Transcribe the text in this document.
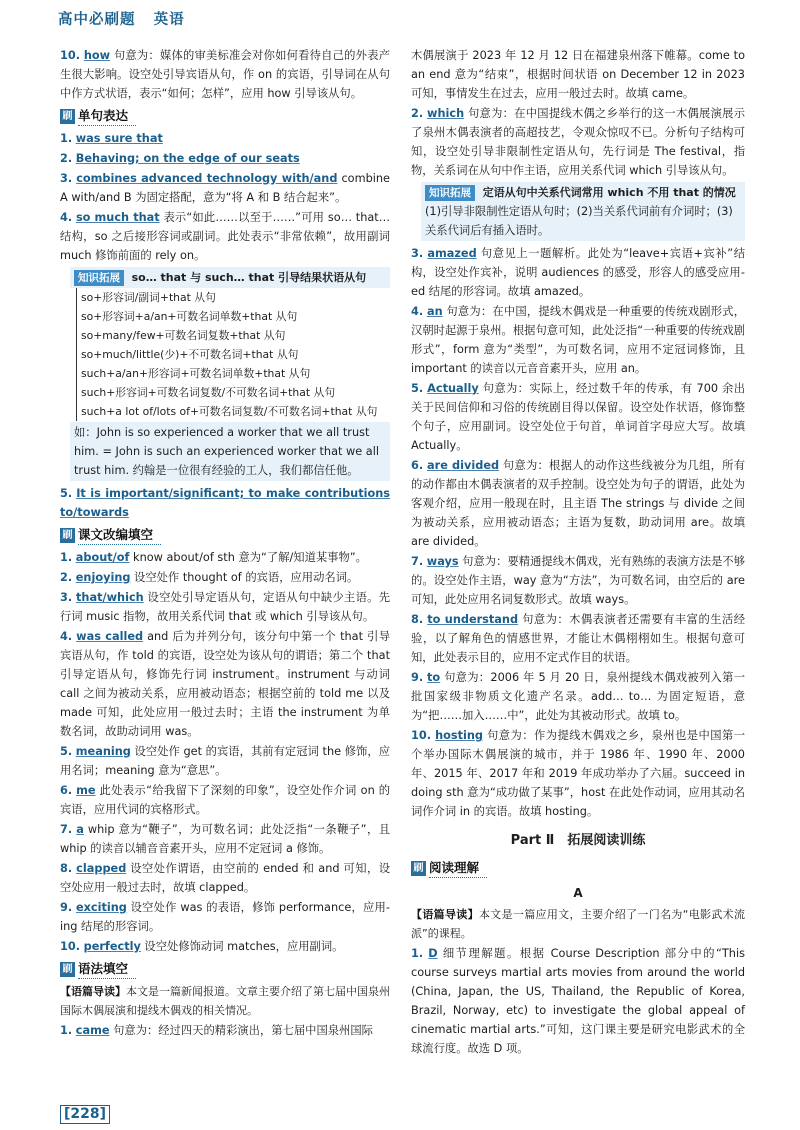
高中必刷题 英语
10. how 句意为：媒体的审美标准会对你如何看待自己的外表产生很大影响。设空处引导宾语从句，作 on 的宾语，引导词在从句中作方式状语，表示“如何；怎样”，应用 how 引导该从句。
刷 单句表达
1. was sure that
2. Behaving; on the edge of our seats
3. combines advanced technology with/and combine A with/and B 为固定搭配，意为“将 A 和 B 结合起来”。
4. so much that 表示“如此……以至于……”可用 so… that…结构，so 之后接形容词或副词。此处表示“非常依赖”，故用副词 much 修饰前面的 rely on。
知识拓展 so… that 与 such… that 引导结果状语从句
so+形容词/副词+that 从句
so+形容词+a/an+可数名词单数+that 从句
so+many/few+可数名词复数+that 从句
so+much/little(少)+不可数名词+that 从句
such+a/an+形容词+可数名词单数+that 从句
such+形容词+可数名词复数/不可数名词+that 从句
such+a lot of/lots of+可数名词复数/不可数名词+that 从句
如：John is so experienced a worker that we all trust him. = John is such an experienced worker that we all trust him. 约翰是一位很有经验的工人，我们都信任他。
5. It is important/significant; to make contributions to/towards
刷 课文改编填空
1. about/of know about/of sth 意为“了解/知道某事物”。
2. enjoying 设空处作 thought of 的宾语，应用动名词。
3. that/which 设空处引导定语从句，定语从句中缺少主语。先行词 music 指物，故用关系代词 that 或 which 引导该从句。
4. was called and 后为并列分句，该分句中第一个 that 引导宾语从句，作 told 的宾语，设空处为该从句的谓语；第二个 that 引导定语从句，修饰先行词 instrument。instrument 与动词 call 之间为被动关系，应用被动语态；根据空前的 told me 以及 made 可知，此处应用一般过去时；主语 the instrument 为单数名词，故助动词用 was。
5. meaning 设空处作 get 的宾语，其前有定冠词 the 修饰，应用名词；meaning 意为“意思”。
6. me 此处表示“给我留下了深刻的印象”，设空处作介词 on 的宾语，应用代词的宾格形式。
7. a whip 意为“鞭子”，为可数名词；此处泛指“一条鞭子”，且 whip 的读音以辅音音素开头，应用不定冠词 a 修饰。
8. clapped 设空处作谓语，由空前的 ended 和 and 可知，设空处应用一般过去时，故填 clapped。
9. exciting 设空处作 was 的表语，修饰 performance，应用-ing 结尾的形容词。
10. perfectly 设空处修饰动词 matches，应用副词。
刷 语法填空
【语篇导读】本文是一篇新闻报道。文章主要介绍了第七届中国泉州国际木偶展演和提线木偶戏的相关情况。
1. came 句意为：经过四天的精彩演出，第七届中国泉州国际
木偶展演于 2023 年 12 月 12 日在福建泉州落下帷幕。come to an end 意为“结束”，根据时间状语 on December 12 in 2023 可知，事情发生在过去，应用一般过去时。故填 came。
2. which 句意为：在中国提线木偶之乡举行的这一木偶展演展示了泉州木偶表演者的高超技艺，令观众惊叹不已。分析句子结构可知，设空处引导非限制性定语从句，先行词是 The festival，指物，关系词在从句中作主语，应用关系代词 which 引导该从句。
知识拓展 定语从句中关系代词常用 which 不用 that 的情况
(1)引导非限制性定语从句时；(2)当关系代词前有介词时；(3)关系代词后有插入语时。
3. amazed 句意见上一题解析。此处为“leave+宾语+宾补”结构，设空处作宾补，说明 audiences 的感受，形容人的感受应用-ed 结尾的形容词。故填 amazed。
4. an 句意为：在中国，提线木偶戏是一种重要的传统戏剧形式，汉朝时起源于泉州。根据句意可知，此处泛指“一种重要的传统戏剧形式”，form 意为“类型”，为可数名词，应用不定冠词修饰，且 important 的读音以元音音素开头，应用 an。
5. Actually 句意为：实际上，经过数千年的传承，有 700 余出关于民间信仰和习俗的传统剧目得以保留。设空处作状语，修饰整个句子，应用副词。设空处位于句首，单词首字母应大写。故填 Actually。
6. are divided 句意为：根据人的动作这些线被分为几组，所有的动作都由木偶表演者的双手控制。设空处为句子的谓语，此处为客观介绍，应用一般现在时，且主语 The strings 与 divide 之间为被动关系，应用被动语态；主语为复数，助动词用 are。故填 are divided。
7. ways 句意为：要精通提线木偶戏，光有熟练的表演方法是不够的。设空处作主语，way 意为“方法”，为可数名词，由空后的 are 可知，此处应用名词复数形式。故填 ways。
8. to understand 句意为：木偶表演者还需要有丰富的生活经验，以了解角色的情感世界，才能让木偶栩栩如生。根据句意可知，此处表示目的，应用不定式作目的状语。
9. to 句意为：2006 年 5 月 20 日，泉州提线木偶戏被列入第一批国家级非物质文化遗产名录。add… to… 为固定短语，意为“把……加入……中”，此处为其被动形式。故填 to。
10. hosting 句意为：作为提线木偶戏之乡，泉州也是中国第一个举办国际木偶展演的城市，并于 1986 年、1990 年、2000 年、2015 年、2017 年和 2019 年成功举办了六届。succeed in doing sth 意为“成功做了某事”，host 在此处作动词，应用其动名词作介词 in 的宾语。故填 hosting。
Part Ⅱ　拓展阅读训练
刷 阅读理解
A
【语篇导读】本文是一篇应用文，主要介绍了一门名为“电影武术流派”的课程。
1. D 细节理解题。根据 Course Description 部分中的“This course surveys martial arts movies from around the world (China, Japan, the US, Thailand, the Republic of Korea, Brazil, Norway, etc) to investigate the global appeal of cinematic martial arts.”可知，这门课主要是研究电影武术的全球流行度。故选 D 项。
[228]
